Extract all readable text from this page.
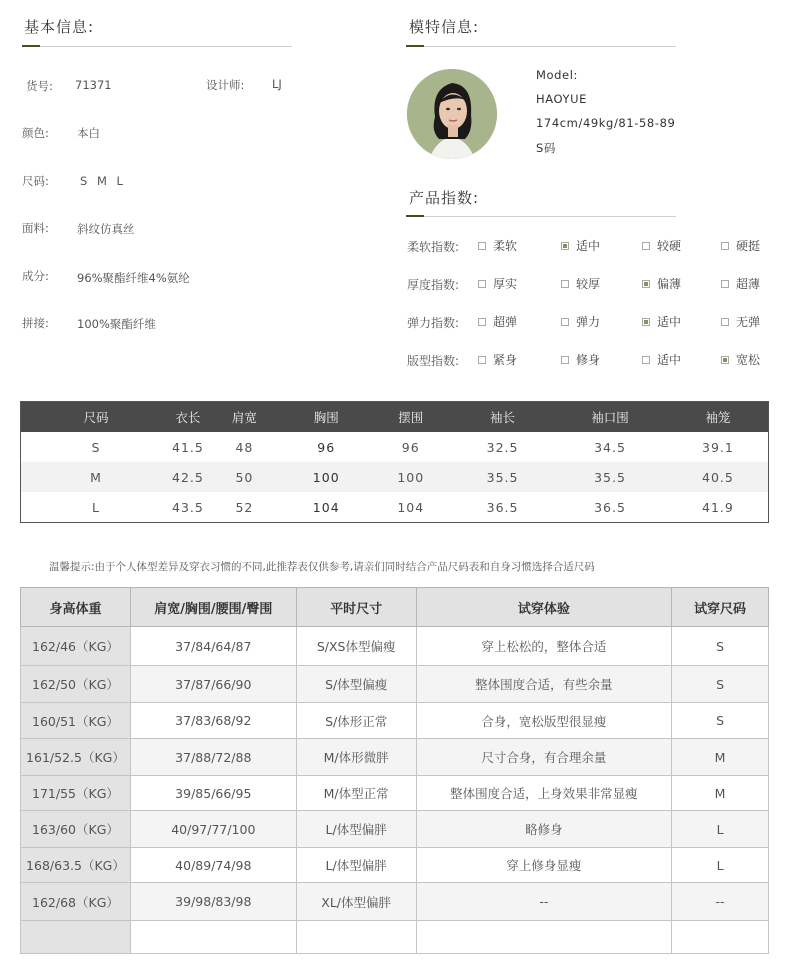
基本信息:
货号: 71371	设计师: LJ
颜色: 本白
尺码:	S M L
面料: 斜纹仿真丝
成分: 96%聚酯纤维4%氨纶
拼接: 100%聚酯纤维
模特信息:
Model:
HAOYUE
174cm/49kg/81-58-89
S码
产品指数:
柔软指数:	柔软	适中	较硬	硬挺
厚度指数:	厚实	较厚	偏薄	超薄
弹力指数:	超弹	弹力	适中	无弹
版型指数:	紧身	修身	适中	宽松
尺码	衣长	肩宽	胸围	摆围	袖长	袖口围	袖笼
S	41.5	48	96	96	32.5	34.5	39.1
M	42.5	50	100	100	35.5	35.5	40.5
L	43.5	52	104	104	36.5	36.5	41.9
温馨提示:由于个人体型差异及穿衣习惯的不同,此推荐表仅供参考,请亲们同时结合产品尺码表和自身习惯选择合适尺码
身高体重	肩宽/胸围/腰围/臀围	平时尺寸	试穿体验	试穿尺码
162/46（KG）	37/84/64/87	S/XS体型偏瘦	穿上松松的，整体合适	S
162/50（KG）	37/87/66/90	S/体型偏瘦	整体围度合适，有些余量	S
160/51（KG）	37/83/68/92	S/体形正常	合身，宽松版型很显瘦	S
161/52.5（KG）	37/88/72/88	M/体形微胖	尺寸合身，有合理余量	M
171/55（KG）	39/85/66/95	M/体型正常	整体围度合适，上身效果非常显瘦	M
163/60（KG）	40/97/77/100	L/体型偏胖	略修身	L
168/63.5（KG）	40/89/74/98	L/体型偏胖	穿上修身显瘦	L
162/68（KG）	39/98/83/98	XL/体型偏胖	--	--
